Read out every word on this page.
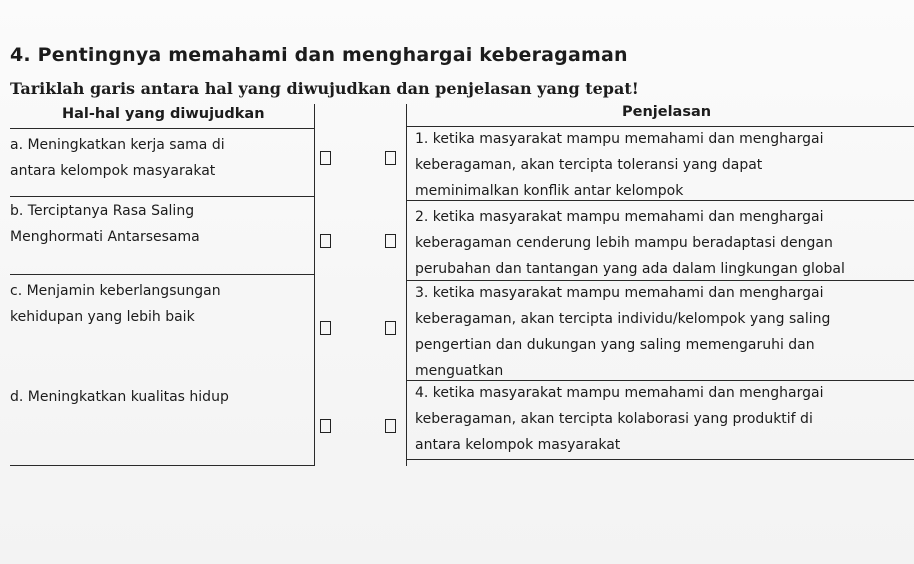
4. Pentingnya memahami dan menghargai keberagaman
Tariklah garis antara hal yang diwujudkan dan penjelasan yang tepat!
Hal-hal yang diwujudkan	Penjelasan
a. Meningkatkan kerja sama di
antara kelompok masyarakat
b. Terciptanya Rasa Saling
Menghormati Antarsesama
c. Menjamin keberlangsungan
kehidupan yang lebih baik
d. Meningkatkan kualitas hidup
1. ketika masyarakat mampu memahami dan menghargai
keberagaman, akan tercipta toleransi yang dapat
meminimalkan konflik antar kelompok
2. ketika masyarakat mampu memahami dan menghargai
keberagaman cenderung lebih mampu beradaptasi dengan
perubahan dan tantangan yang ada dalam lingkungan global
3. ketika masyarakat mampu memahami dan menghargai
keberagaman, akan tercipta individu/kelompok yang saling
pengertian dan dukungan yang saling memengaruhi dan
menguatkan
4. ketika masyarakat mampu memahami dan menghargai
keberagaman, akan tercipta kolaborasi yang produktif di
antara kelompok masyarakat
